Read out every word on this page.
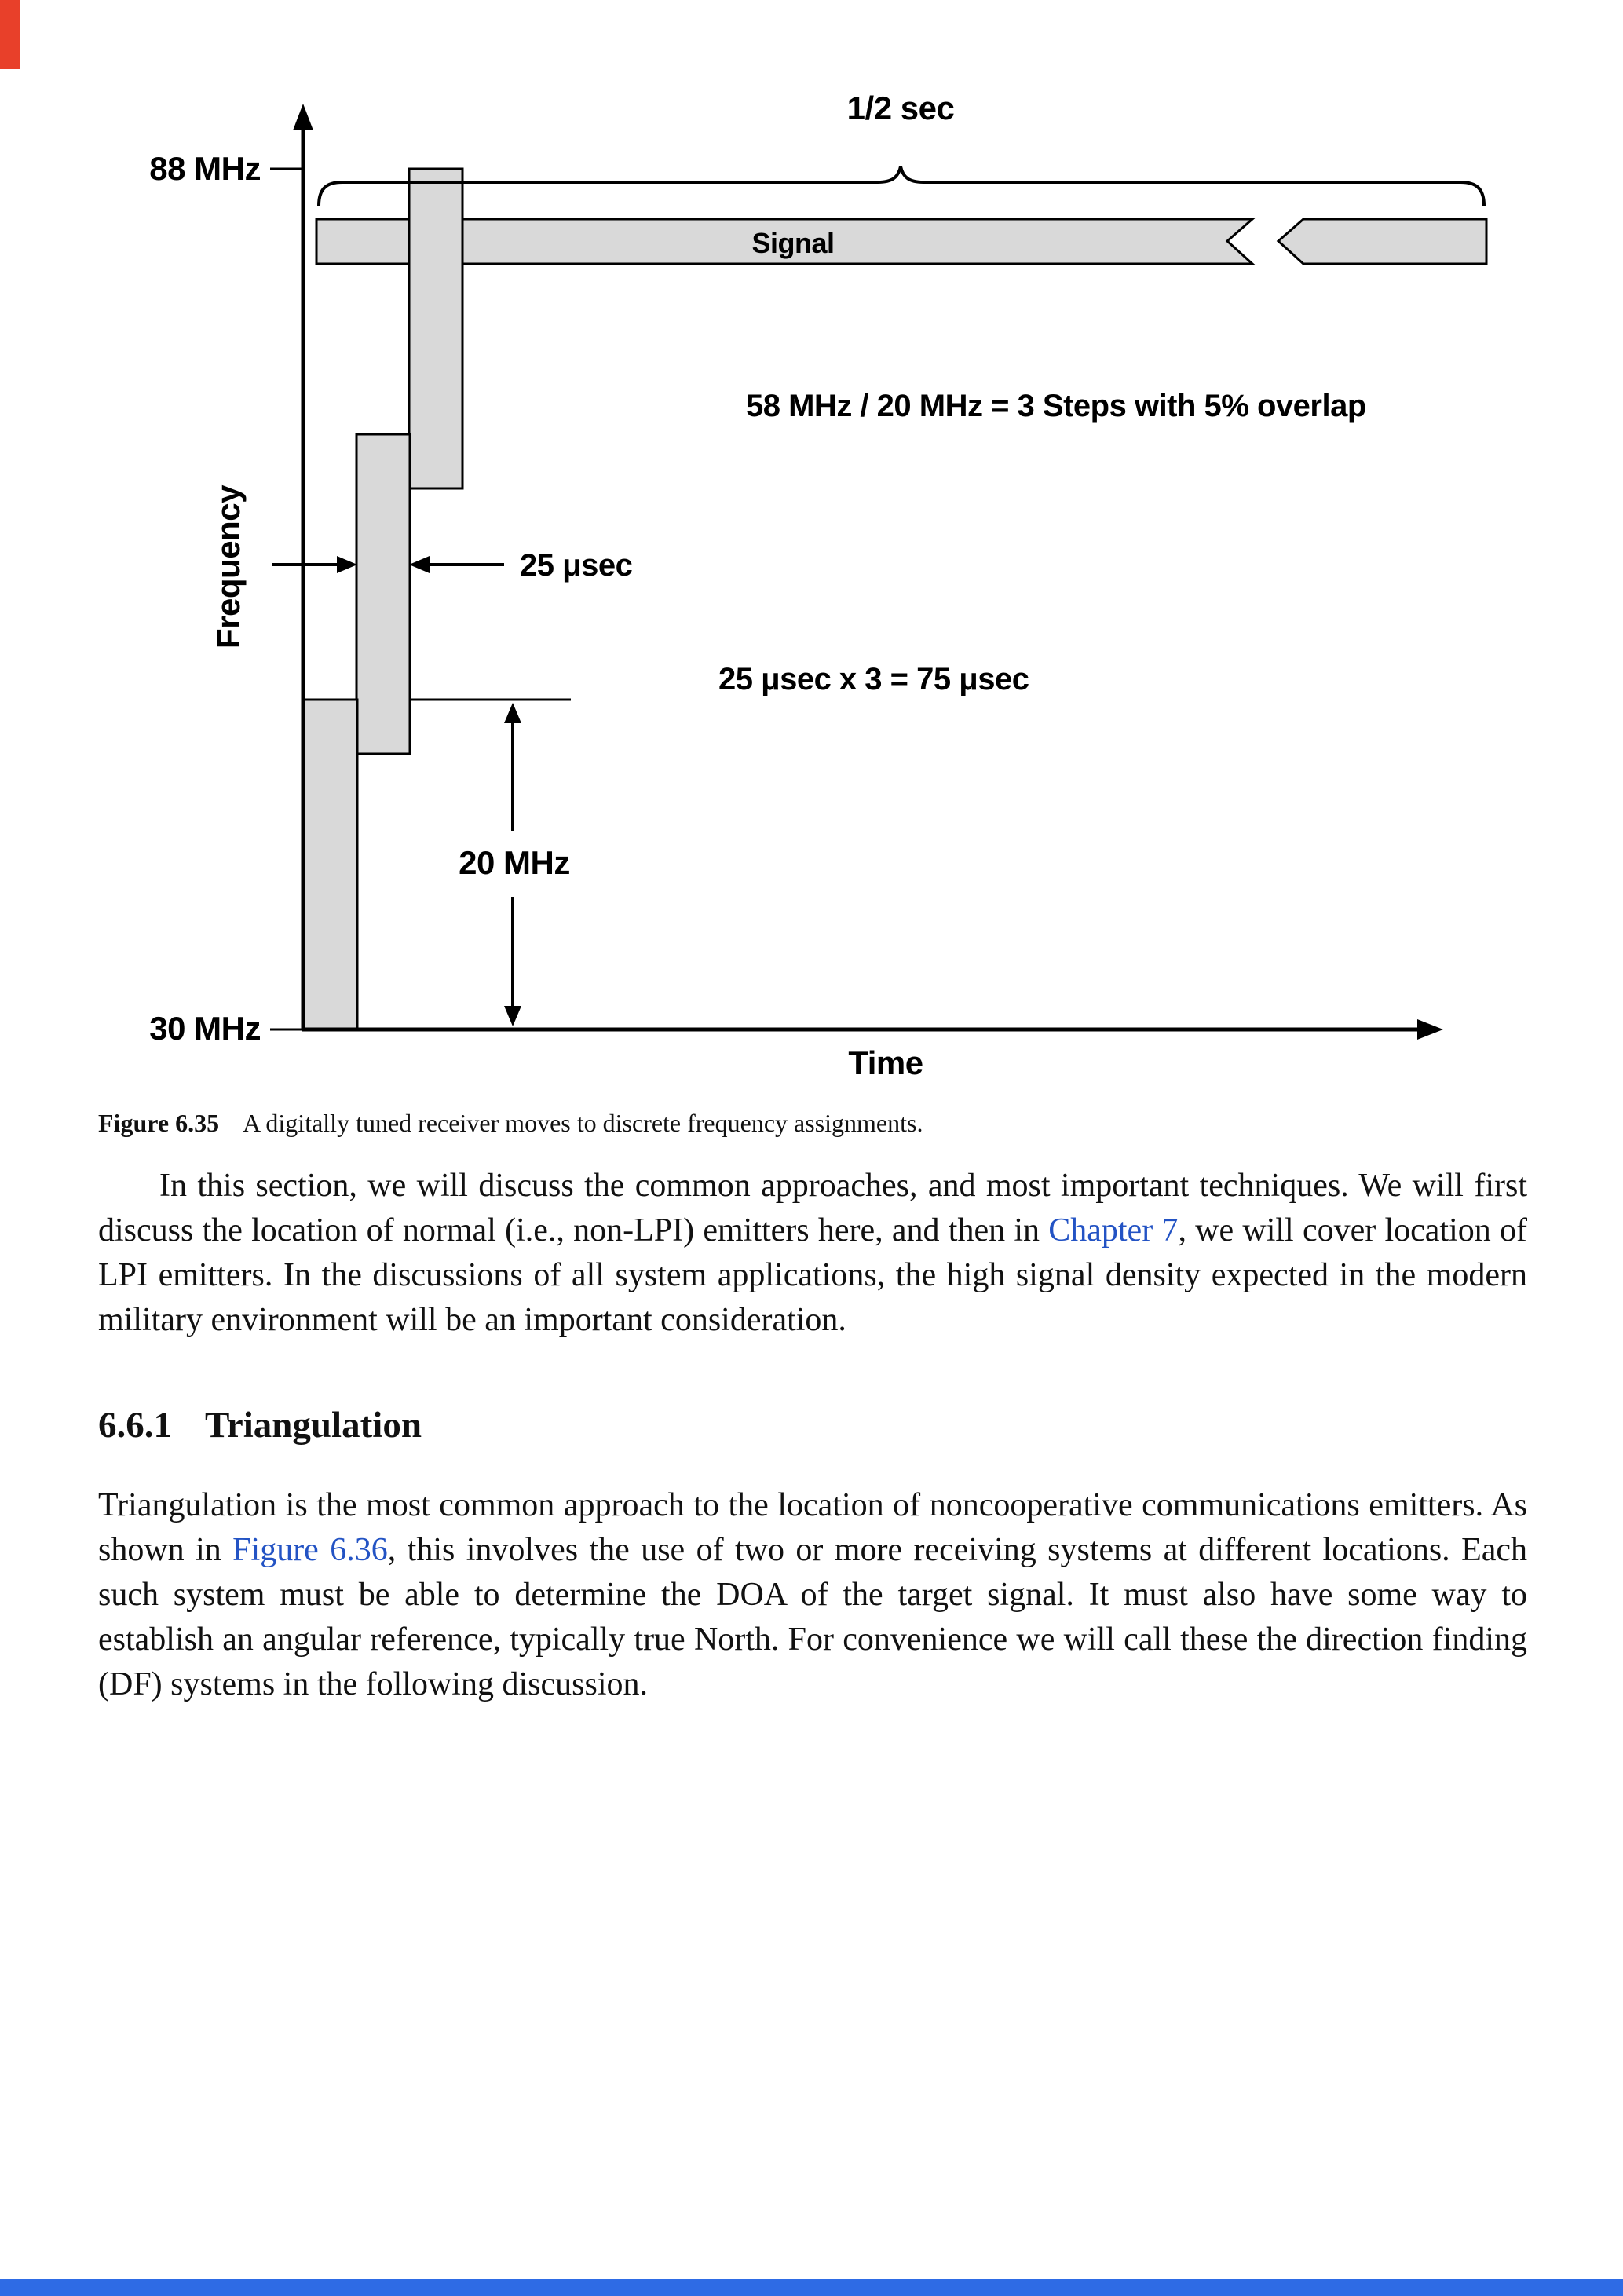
1/2 sec
88 MHz
30 MHz
Frequency
Time
Signal
25 μsec
58 MHz / 20 MHz = 3 Steps with 5% overlap
25 μsec x 3 = 75 μsec
20 MHz
Figure 6.35 A digitally tuned receiver moves to discrete frequency assignments.

In this section, we will discuss the common approaches, and most important techniques. We will first discuss the location of normal (i.e., non-LPI) emitters here, and then in Chapter 7, we will cover location of LPI emitters. In the discussions of all system applications, the high signal density expected in the modern military environment will be an important consideration.

6.6.1 Triangulation

Triangulation is the most common approach to the location of noncooperative communications emitters. As shown in Figure 6.36, this involves the use of two or more receiving systems at different locations. Each such system must be able to determine the DOA of the target signal. It must also have some way to establish an angular reference, typically true North. For convenience we will call these the direction finding (DF) systems in the following discussion.
